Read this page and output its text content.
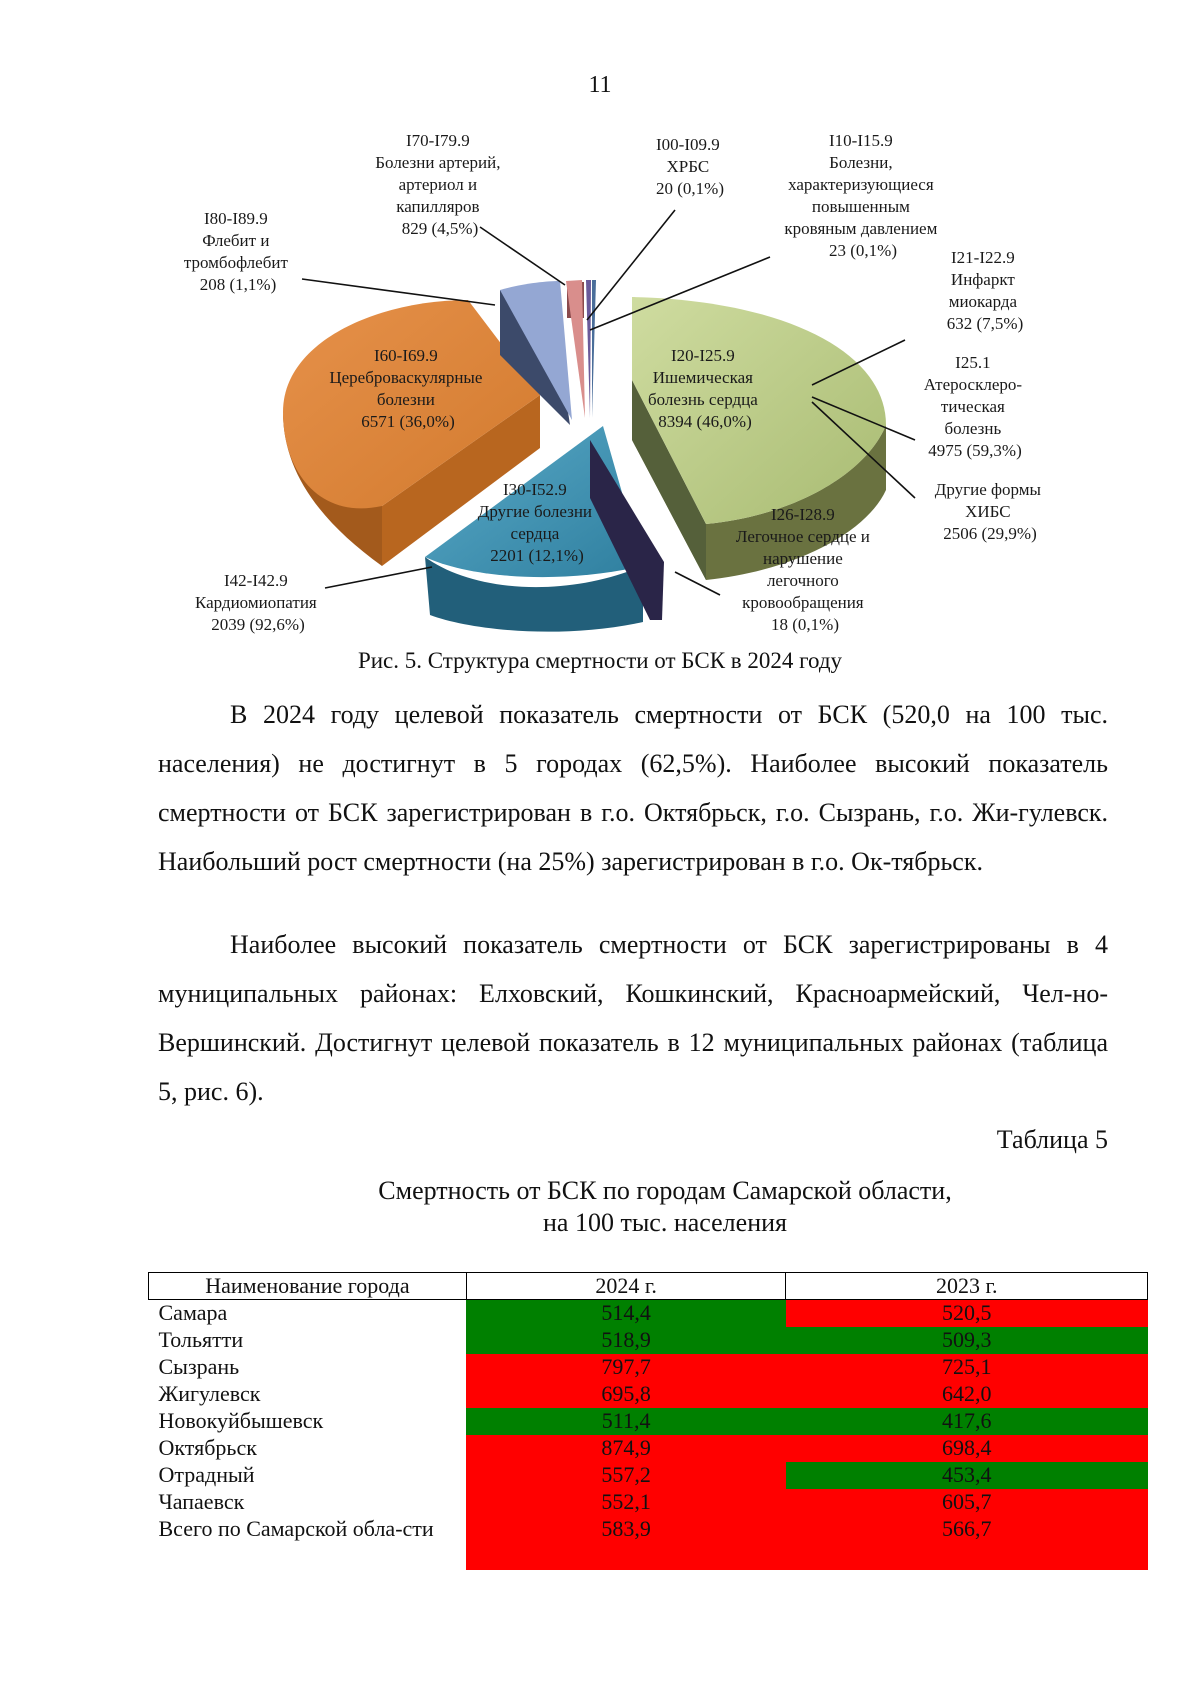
11
I70-I79.9 Болезни артерий, артериол и капилляров 829 (4,5%)
I00-I09.9 ХРБС 20 (0,1%)
I10-I15.9 Болезни, характеризующиеся повышенным кровяным давлением 23 (0,1%)
I80-I89.9 Флебит и тромбофлебит 208 (1,1%)
I21-I22.9 Инфаркт миокарда 632 (7,5%)
I25.1 Атеросклеро- тическая болезнь 4975 (59,3%)
Другие формы ХИБС 2506 (29,9%)
I60-I69.9 Цереброваскулярные болезни 6571 (36,0%)
I20-I25.9 Ишемическая болезнь сердца 8394 (46,0%)
I30-I52.9 Другие болезни сердца 2201 (12,1%)
I26-I28.9 Легочное сердце и нарушение легочного кровообращения 18 (0,1%)
I42-I42.9 Кардиомиопатия 2039 (92,6%)
Рис. 5. Структура смертности от БСК в 2024 году

В 2024 году целевой показатель смертности от БСК (520,0 на 100 тыс. населения) не достигнут в 5 городах (62,5%). Наиболее высокий показатель смертности от БСК зарегистрирован в г.о. Октябрьск, г.о. Сызрань, г.о. Жи-гулевск. Наибольший рост смертности (на 25%) зарегистрирован в г.о. Ок-тябрьск.

Наиболее высокий показатель смертности от БСК зарегистрированы в 4 муниципальных районах: Елховский, Кошкинский, Красноармейский, Чел-но-Вершинский. Достигнут целевой показатель в 12 муниципальных районах (таблица 5, рис. 6).

Таблица 5
Смертность от БСК по городам Самарской области,
на 100 тыс. населения
Наименование города	2024 г.	2023 г.
Самара	514,4	520,5
Тольятти	518,9	509,3
Сызрань	797,7	725,1
Жигулевск	695,8	642,0
Новокуйбышевск	511,4	417,6
Октябрьск	874,9	698,4
Отрадный	557,2	453,4
Чапаевск	552,1	605,7
Всего по Самарской обла-сти	583,9	566,7
